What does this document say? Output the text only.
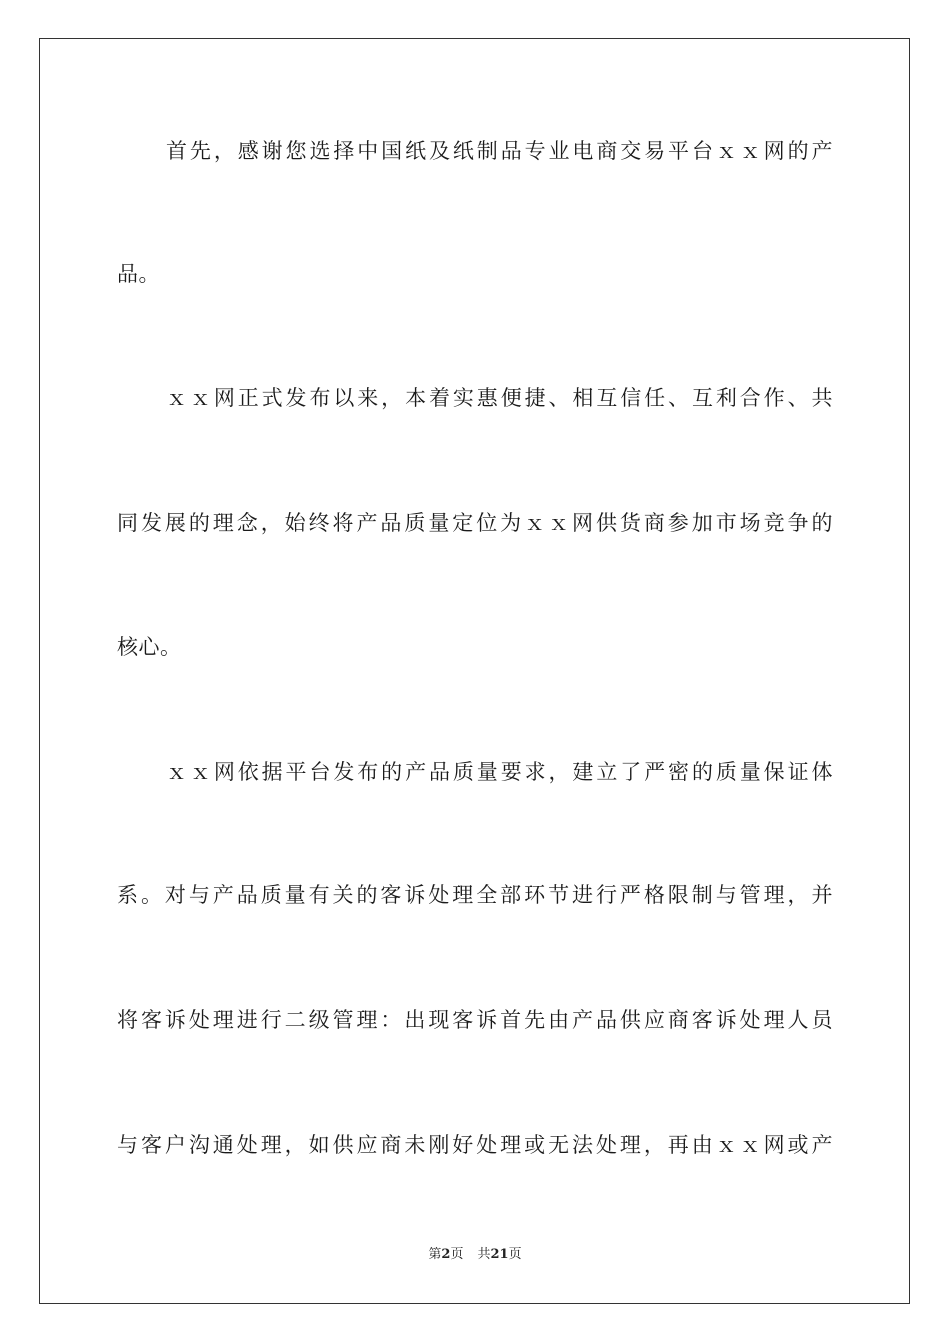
首先，感谢您选择中国纸及纸制品专业电商交易平台ｘｘ网的产
品。
ｘｘ网正式发布以来，本着实惠便捷、相互信任、互利合作、共
同发展的理念，始终将产品质量定位为ｘｘ网供货商参加市场竞争的
核心。
ｘｘ网依据平台发布的产品质量要求，建立了严密的质量保证体
系。对与产品质量有关的客诉处理全部环节进行严格限制与管理，并
将客诉处理进行二级管理：出现客诉首先由产品供应商客诉处理人员
与客户沟通处理，如供应商未刚好处理或无法处理，再由ｘｘ网或产
第2页 共21页
